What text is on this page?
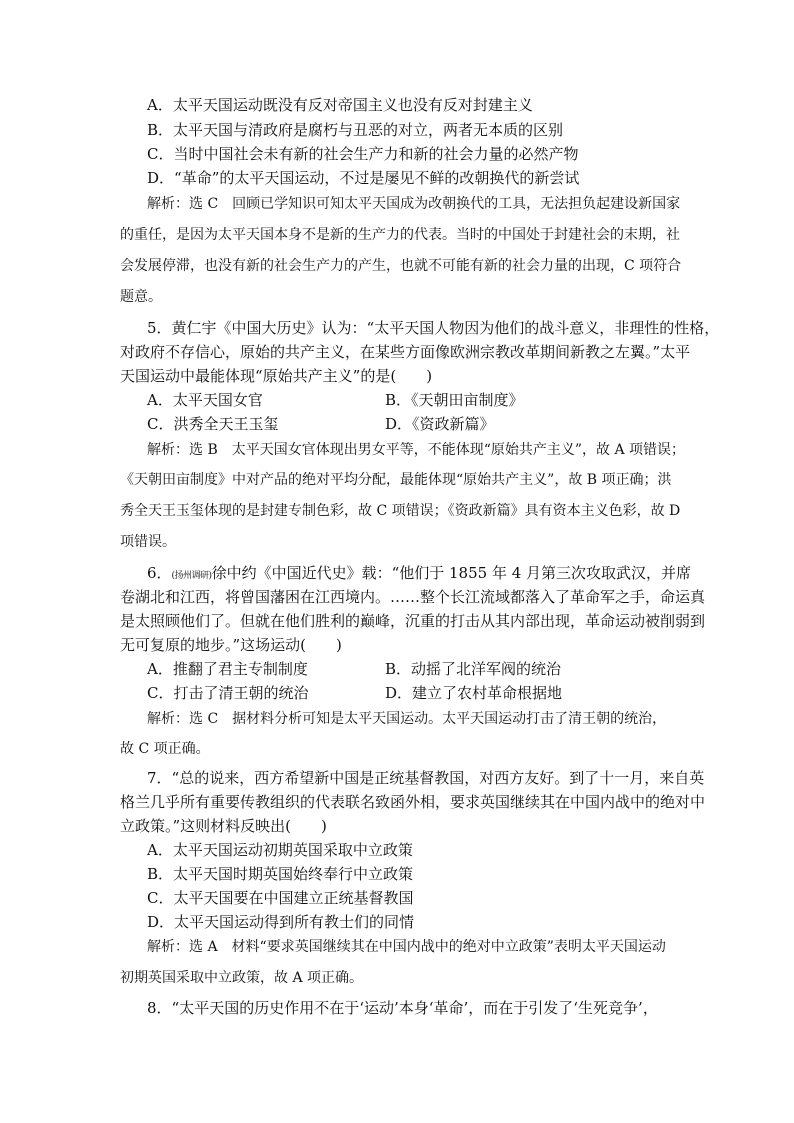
A．太平天国运动既没有反对帝国主义也没有反对封建主义
B．太平天国与清政府是腐朽与丑恶的对立，两者无本质的区别
C．当时中国社会未有新的社会生产力和新的社会力量的必然产物
D．“革命”的太平天国运动，不过是屡见不鲜的改朝换代的新尝试
解析：选 C　回顾已学知识可知太平天国成为改朝换代的工具，无法担负起建设新国家
的重任，是因为太平天国本身不是新的生产力的代表。当时的中国处于封建社会的末期，社
会发展停滞，也没有新的社会生产力的产生，也就不可能有新的社会力量的出现，C 项符合
题意。
5．黄仁宇《中国大历史》认为：“太平天国人物因为他们的战斗意义，非理性的性格，
对政府不存信心，原始的共产主义，在某些方面像欧洲宗教改革期间新教之左翼。”太平
天国运动中最能体现“原始共产主义”的是(　　)
A．太平天国女官	B．《天朝田亩制度》
C．洪秀全天王玉玺	D．《资政新篇》
解析：选 B　太平天国女官体现出男女平等，不能体现“原始共产主义”，故 A 项错误；
《天朝田亩制度》中对产品的绝对平均分配，最能体现“原始共产主义”，故 B 项正确；洪
秀全天王玉玺体现的是封建专制色彩，故 C 项错误；《资政新篇》具有资本主义色彩，故 D
项错误。
6．(扬州调研)徐中约《中国近代史》载：“他们于 1855 年 4 月第三次攻取武汉，并席
卷湖北和江西，将曾国藩困在江西境内。……整个长江流域都落入了革命军之手，命运真
是太照顾他们了。但就在他们胜利的巅峰，沉重的打击从其内部出现，革命运动被削弱到
无可复原的地步。”这场运动(　　)
A．推翻了君主专制制度	B．动摇了北洋军阀的统治
C．打击了清王朝的统治	D．建立了农村革命根据地
解析：选 C　据材料分析可知是太平天国运动。太平天国运动打击了清王朝的统治，
故 C 项正确。
7．“总的说来，西方希望新中国是正统基督教国，对西方友好。到了十一月，来自英
格兰几乎所有重要传教组织的代表联名致函外相，要求英国继续其在中国内战中的绝对中
立政策。”这则材料反映出(　　)
A．太平天国运动初期英国采取中立政策
B．太平天国时期英国始终奉行中立政策
C．太平天国要在中国建立正统基督教国
D．太平天国运动得到所有教士们的同情
解析：选 A　材料“要求英国继续其在中国内战中的绝对中立政策”表明太平天国运动
初期英国采取中立政策，故 A 项正确。
8．“太平天国的历史作用不在于‘运动’本身‘革命’，而在于引发了‘生死竞争’，
